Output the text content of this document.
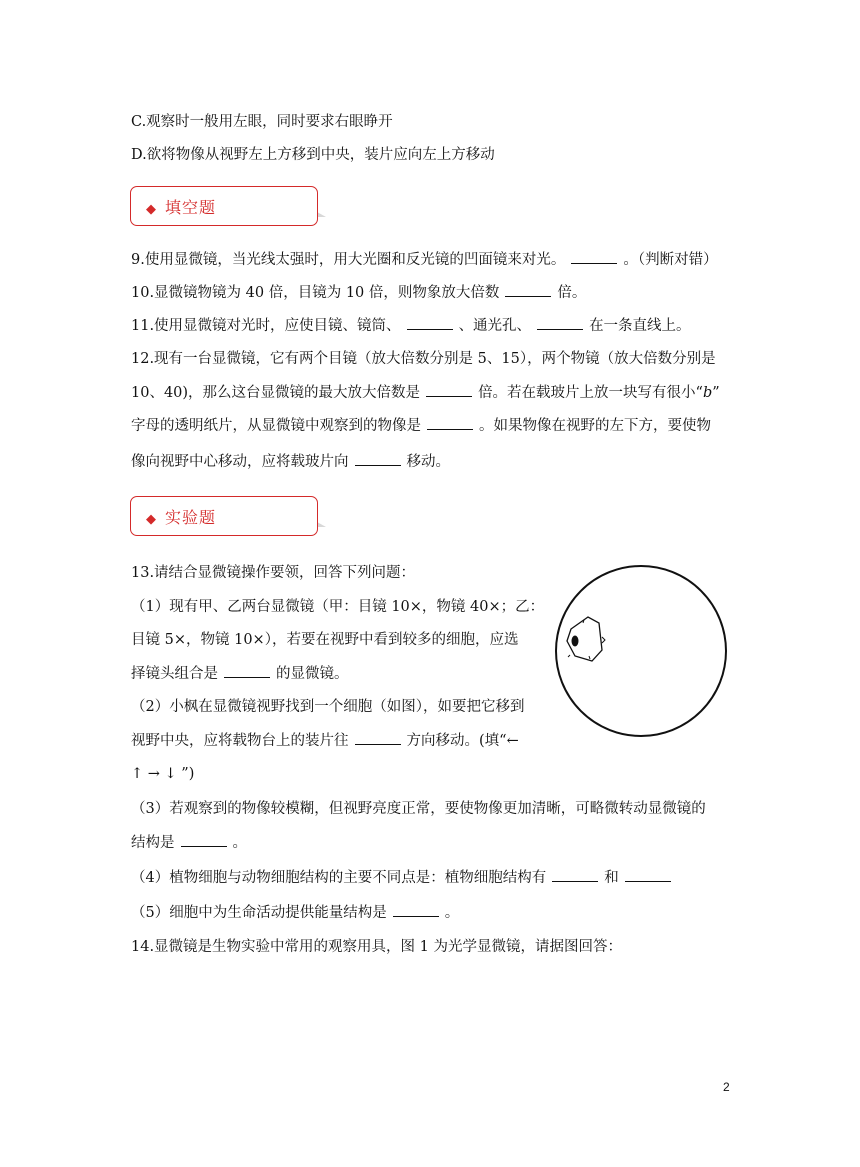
C.观察时一般用左眼，同时要求右眼睁开
D.欲将物像从视野左上方移到中央，装片应向左上方移动
◆ 填空题
9.使用显微镜，当光线太强时，用大光圈和反光镜的凹面镜来对光。	。（判断对错）
10.显微镜物镜为 40 倍，目镜为 10 倍，则物象放大倍数	倍。
11.使用显微镜对光时，应使目镜、镜筒、	、通光孔、	在一条直线上。
12.现有一台显微镜，它有两个目镜（放大倍数分别是 5、15），两个物镜（放大倍数分别是
10、40)，那么这台显微镜的最大放大倍数是	倍。若在载玻片上放一块写有很小“b”
字母的透明纸片，从显微镜中观察到的物像是	。如果物像在视野的左下方，要使物
像向视野中心移动，应将载玻片向	移动。
◆ 实验题
13.请结合显微镜操作要领，回答下列问题：
（1）现有甲、乙两台显微镜（甲：目镜 10×，物镜 40×；乙：
目镜 5×，物镜 10×），若要在视野中看到较多的细胞，应选
择镜头组合是	的显微镜。
（2）小枫在显微镜视野找到一个细胞（如图），如要把它移到
视野中央，应将载物台上的装片往	方向移动。(填“←
↑ → ↓ ”)
（3）若观察到的物像较模糊，但视野亮度正常，要使物像更加清晰，可略微转动显微镜的
结构是	。
（4）植物细胞与动物细胞结构的主要不同点是：植物细胞结构有	和
（5）细胞中为生命活动提供能量结构是	。
14.显微镜是生物实验中常用的观察用具，图 1 为光学显微镜，请据图回答：
2
